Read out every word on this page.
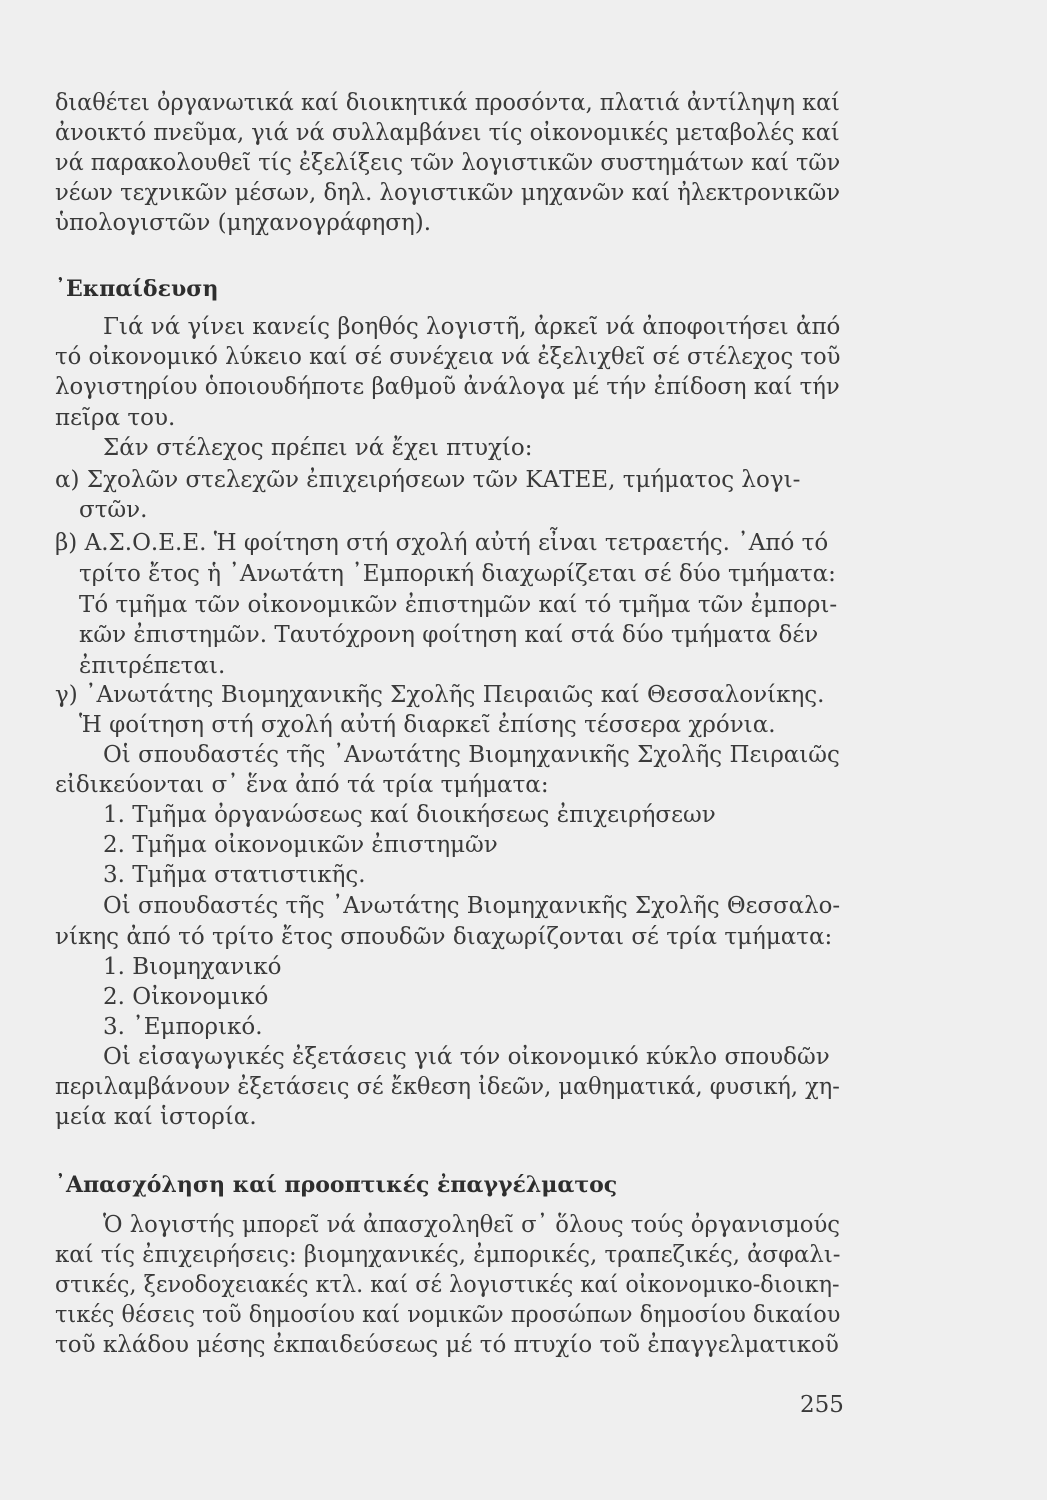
διαθέτει ὀργανωτικά καί διοικητικά προσόντα, πλατιά ἀντίληψη καί
ἀνοικτό πνεῦμα, γιά νά συλλαμβάνει τίς οἰκονομικές μεταβολές καί
νά παρακολουθεῖ τίς ἐξελίξεις τῶν λογιστικῶν συστημάτων καί τῶν
νέων τεχνικῶν μέσων, δηλ. λογιστικῶν μηχανῶν καί ἠλεκτρονικῶν
ὑπολογιστῶν (μηχανογράφηση).
᾿Εκπαίδευση
Γιά νά γίνει κανείς βοηθός λογιστῆ, ἀρκεῖ νά ἀποφοιτήσει ἀπό
τό οἰκονομικό λύκειο καί σέ συνέχεια νά ἐξελιχθεῖ σέ στέλεχος τοῦ
λογιστηρίου ὁποιουδήποτε βαθμοῦ ἀνάλογα μέ τήν ἐπίδοση καί τήν
πεῖρα του.
Σάν στέλεχος πρέπει νά ἔχει πτυχίο:
α) Σχολῶν στελεχῶν ἐπιχειρήσεων τῶν ΚΑΤΕΕ, τμήματος λογι-
στῶν.
β) Α.Σ.Ο.Ε.Ε. Ἡ φοίτηση στή σχολή αὐτή εἶναι τετραετής. ᾿Από τό
τρίτο ἔτος ἡ ᾿Ανωτάτη ᾿Εμπορική διαχωρίζεται σέ δύο τμήματα:
Τό τμῆμα τῶν οἰκονομικῶν ἐπιστημῶν καί τό τμῆμα τῶν ἐμπορι-
κῶν ἐπιστημῶν. Ταυτόχρονη φοίτηση καί στά δύο τμήματα δέν
ἐπιτρέπεται.
γ) ᾿Ανωτάτης Βιομηχανικῆς Σχολῆς Πειραιῶς καί Θεσσαλονίκης.
Ἡ φοίτηση στή σχολή αὐτή διαρκεῖ ἐπίσης τέσσερα χρόνια.
Οἱ σπουδαστές τῆς ᾿Ανωτάτης Βιομηχανικῆς Σχολῆς Πειραιῶς
εἰδικεύονται σ᾿ ἕνα ἀπό τά τρία τμήματα:
1. Τμῆμα ὀργανώσεως καί διοικήσεως ἐπιχειρήσεων
2. Τμῆμα οἰκονομικῶν ἐπιστημῶν
3. Τμῆμα στατιστικῆς.
Οἱ σπουδαστές τῆς ᾿Ανωτάτης Βιομηχανικῆς Σχολῆς Θεσσαλο-
νίκης ἀπό τό τρίτο ἔτος σπουδῶν διαχωρίζονται σέ τρία τμήματα:
1. Βιομηχανικό
2. Οἰκονομικό
3. ᾿Εμπορικό.
Οἱ εἰσαγωγικές ἐξετάσεις γιά τόν οἰκονομικό κύκλο σπουδῶν
περιλαμβάνουν ἐξετάσεις σέ ἔκθεση ἰδεῶν, μαθηματικά, φυσική, χη-
μεία καί ἱστορία.
᾿Απασχόληση καί προοπτικές ἐπαγγέλματος
Ὁ λογιστής μπορεῖ νά ἀπασχοληθεῖ σ᾿ ὅλους τούς ὀργανισμούς
καί τίς ἐπιχειρήσεις: βιομηχανικές, ἐμπορικές, τραπεζικές, ἀσφαλι-
στικές, ξενοδοχειακές κτλ. καί σέ λογιστικές καί οἰκονομικο-διοικη-
τικές θέσεις τοῦ δημοσίου καί νομικῶν προσώπων δημοσίου δικαίου
τοῦ κλάδου μέσης ἐκπαιδεύσεως μέ τό πτυχίο τοῦ ἐπαγγελματικοῦ
255
